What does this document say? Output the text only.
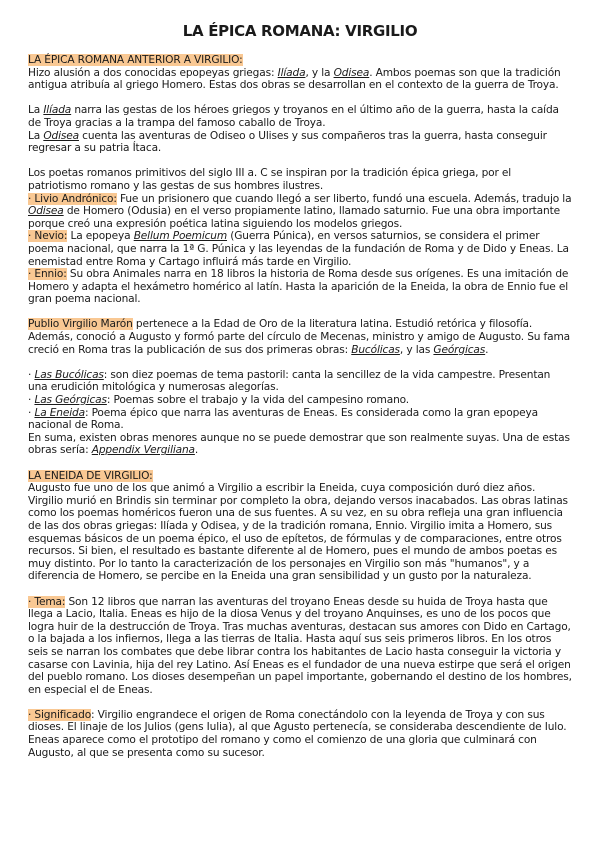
LA ÉPICA ROMANA: VIRGILIO

LA ÉPICA ROMANA ANTERIOR A VIRGILIO:

Hizo alusión a dos conocidas epopeyas griegas: Ilíada, y la Odisea. Ambos poemas son que la tradición antigua atribuía al griego Homero. Estas dos obras se desarrollan en el contexto de la guerra de Troya.

La Ilíada narra las gestas de los héroes griegos y troyanos en el último año de la guerra, hasta la caída de Troya gracias a la trampa del famoso caballo de Troya.

La Odisea cuenta las aventuras de Odiseo o Ulises y sus compañeros tras la guerra, hasta conseguir regresar a su patria Ítaca.

Los poetas romanos primitivos del siglo III a. C se inspiran por la tradición épica griega, por el patriotismo romano y las gestas de sus hombres ilustres.

· Livio Andrónico: Fue un prisionero que cuando llegó a ser liberto, fundó una escuela. Además, tradujo la Odisea de Homero (Odusia) en el verso propiamente latino, llamado saturnio. Fue una obra importante porque creó una expresión poética latina siguiendo los modelos griegos.

· Nevio: La epopeya Bellum Poemicum (Guerra Púnica), en versos saturnios, se considera el primer poema nacional, que narra la 1ª G. Púnica y las leyendas de la fundación de Roma y de Dido y Eneas. La enemistad entre Roma y Cartago influirá más tarde en Virgilio.

· Ennio: Su obra Animales narra en 18 libros la historia de Roma desde sus orígenes. Es una imitación de Homero y adapta el hexámetro homérico al latín. Hasta la aparición de la Eneida, la obra de Ennio fue el gran poema nacional.

Publio Virgilio Marón pertenece a la Edad de Oro de la literatura latina. Estudió retórica y filosofía. Además, conoció a Augusto y formó parte del círculo de Mecenas, ministro y amigo de Augusto. Su fama creció en Roma tras la publicación de sus dos primeras obras: Bucólicas, y las Geórgicas.

· Las Bucólicas: son diez poemas de tema pastoril: canta la sencillez de la vida campestre. Presentan una erudición mitológica y numerosas alegorías.

· Las Geórgicas: Poemas sobre el trabajo y la vida del campesino romano.

· La Eneida: Poema épico que narra las aventuras de Eneas. Es considerada como la gran epopeya nacional de Roma.

En suma, existen obras menores aunque no se puede demostrar que son realmente suyas. Una de estas obras sería: Appendix Vergiliana.

LA ENEIDA DE VIRGILIO:

Augusto fue uno de los que animó a Virgilio a escribir la Eneida, cuya composición duró diez años. Virgilio murió en Brindis sin terminar por completo la obra, dejando versos inacabados. Las obras latinas como los poemas homéricos fueron una de sus fuentes. A su vez, en su obra refleja una gran influencia de las dos obras griegas: Ilíada y Odisea, y de la tradición romana, Ennio. Virgilio imita a Homero, sus esquemas básicos de un poema épico, el uso de epítetos, de fórmulas y de comparaciones, entre otros recursos. Si bien, el resultado es bastante diferente al de Homero, pues el mundo de ambos poetas es muy distinto. Por lo tanto la caracterización de los personajes en Virgilio son más "humanos", y a diferencia de Homero, se percibe en la Eneida una gran sensibilidad y un gusto por la naturaleza.

· Tema: Son 12 libros que narran las aventuras del troyano Eneas desde su huida de Troya hasta que llega a Lacio, Italia. Eneas es hijo de la diosa Venus y del troyano Anquinses, es uno de los pocos que logra huir de la destrucción de Troya. Tras muchas aventuras, destacan sus amores con Dido en Cartago, o la bajada a los infiernos, llega a las tierras de Italia. Hasta aquí sus seis primeros libros. En los otros seis se narran los combates que debe librar contra los habitantes de Lacio hasta conseguir la victoria y casarse con Lavinia, hija del rey Latino. Así Eneas es el fundador de una nueva estirpe que será el origen del pueblo romano. Los dioses desempeñan un papel importante, gobernando el destino de los hombres, en especial el de Eneas.

· Significado: Virgilio engrandece el origen de Roma conectándolo con la leyenda de Troya y con sus dioses. El linaje de los Julios (gens Iulia), al que Agusto pertenecía, se consideraba descendiente de Iulo. Eneas aparece como el prototipo del romano y como el comienzo de una gloria que culminará con Augusto, al que se presenta como su sucesor.
